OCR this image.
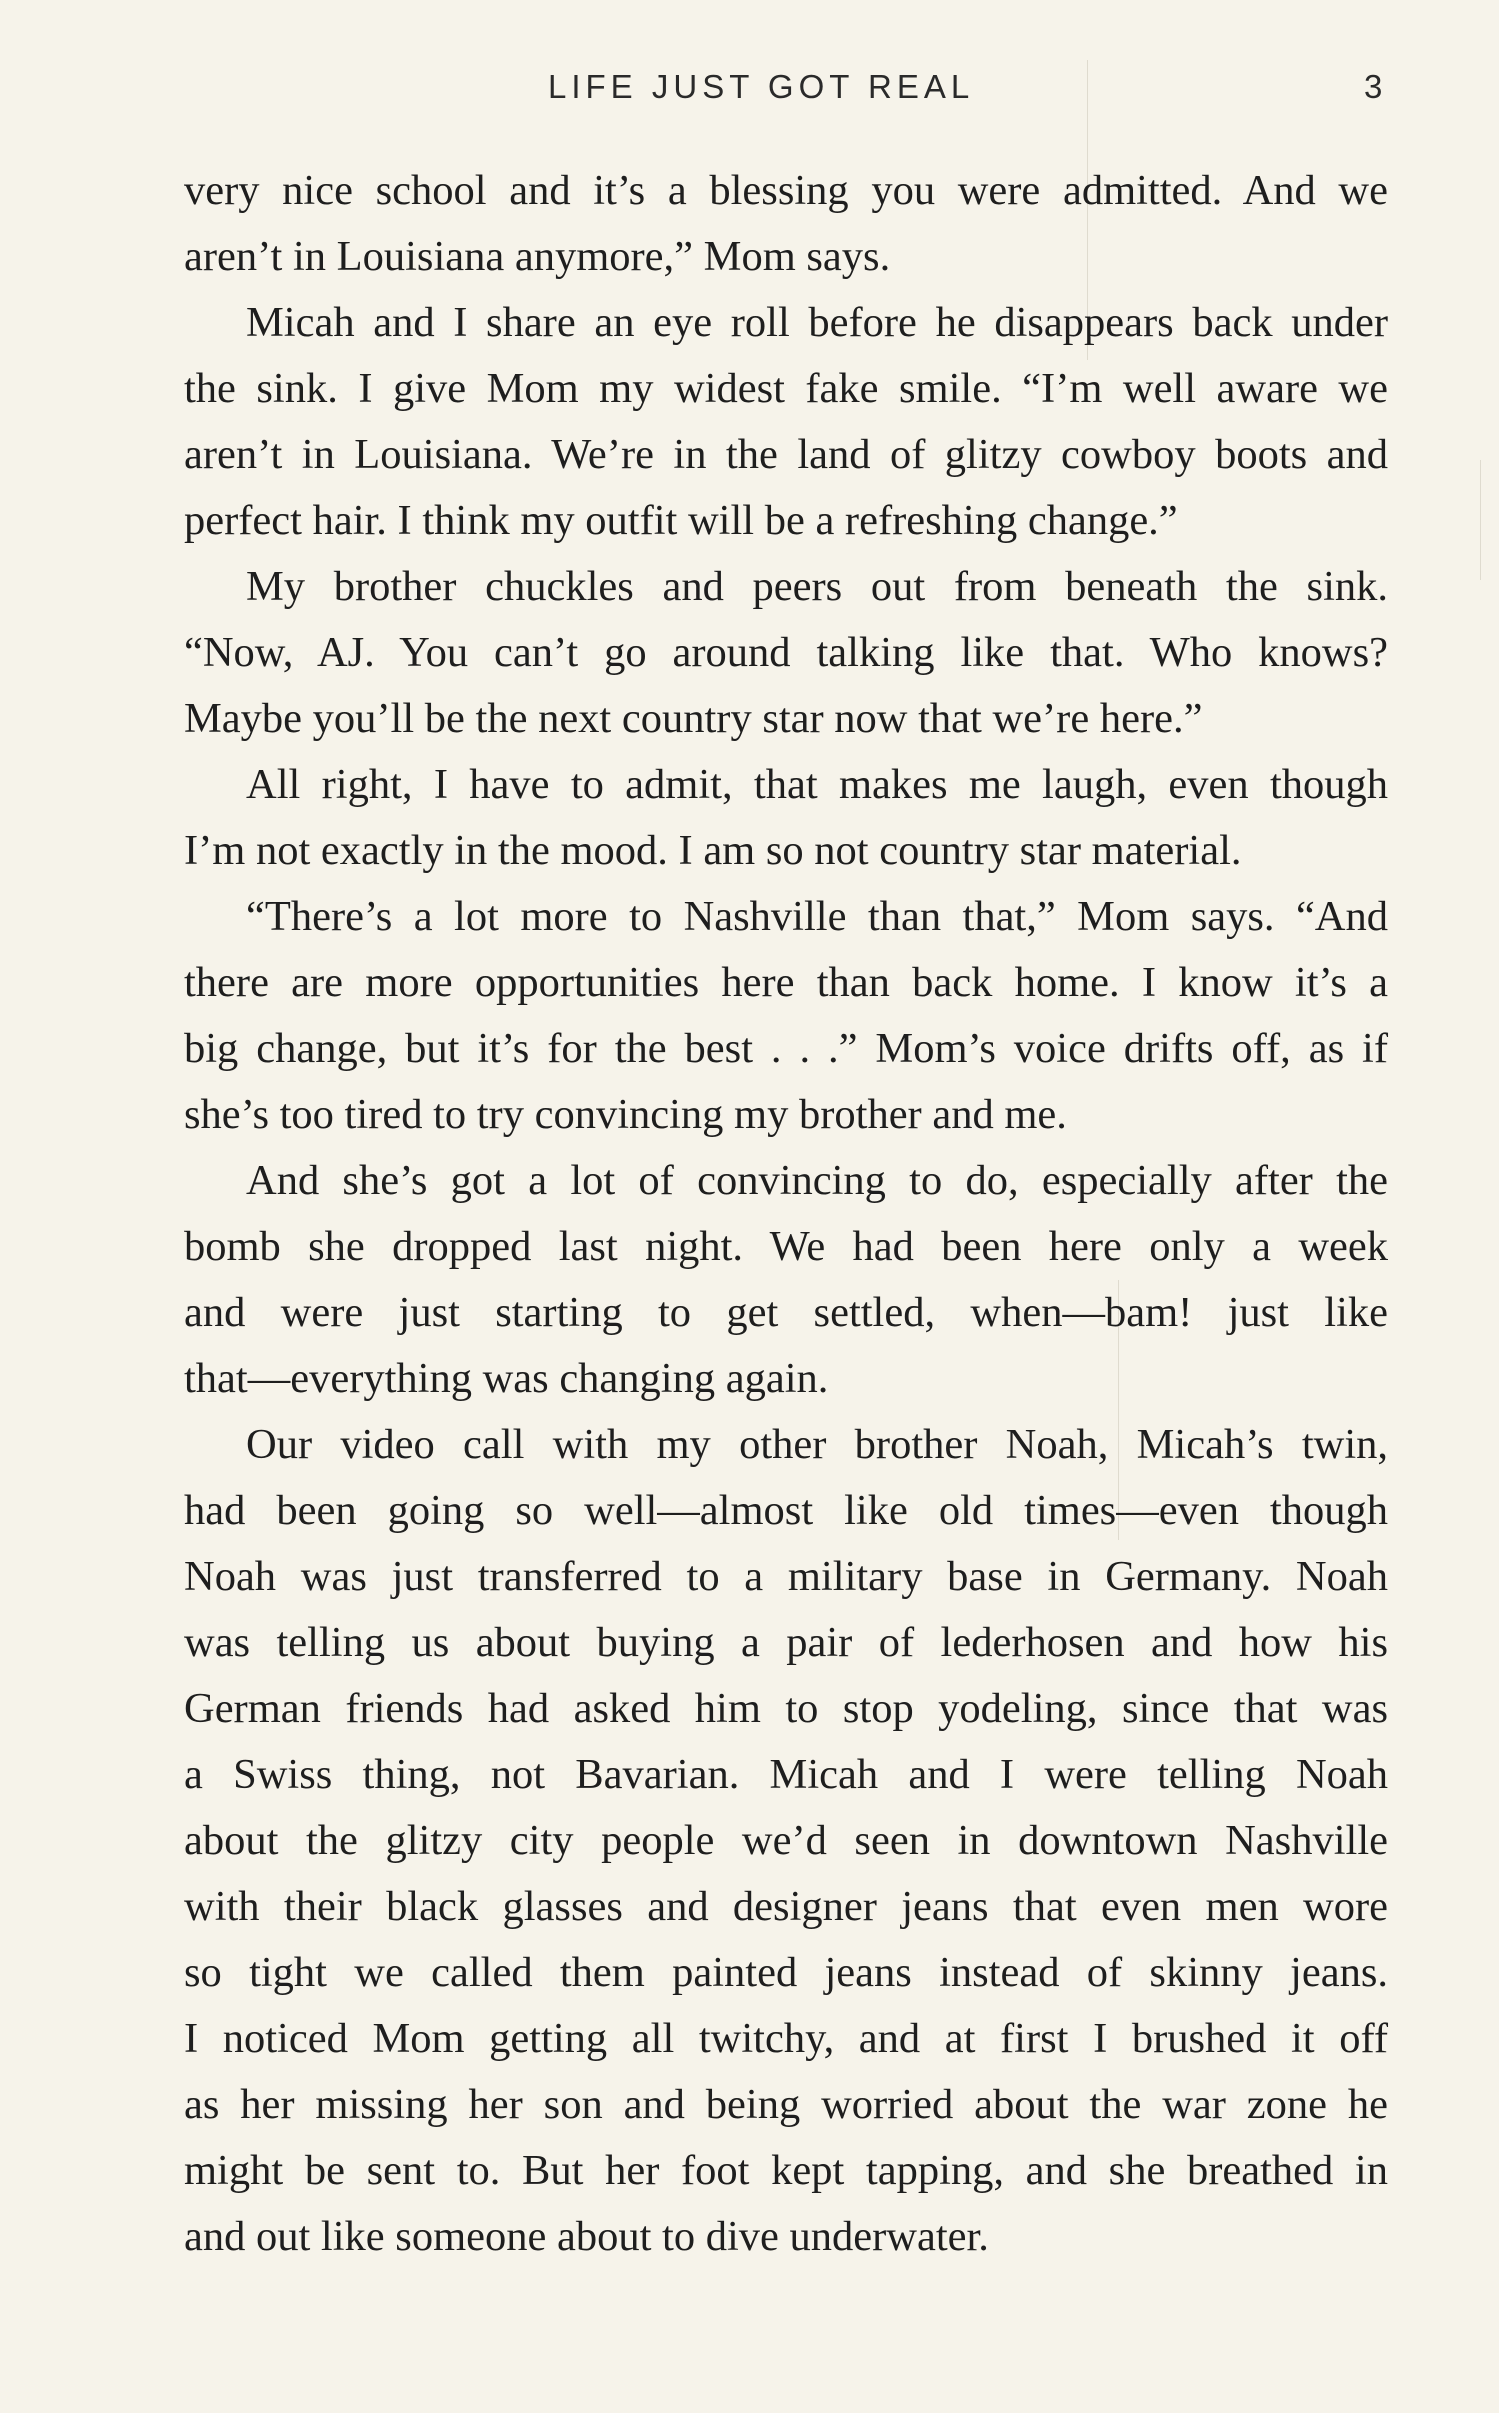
LIFE JUST GOT REAL	3
very nice school and it’s a blessing you were admitted. And we
aren’t in Louisiana anymore,” Mom says.
Micah and I share an eye roll before he disappears back under
the sink. I give Mom my widest fake smile. “I’m well aware we
aren’t in Louisiana. We’re in the land of glitzy cowboy boots and
perfect hair. I think my outfit will be a refreshing change.”
My brother chuckles and peers out from beneath the sink.
“Now, AJ. You can’t go around talking like that. Who knows?
Maybe you’ll be the next country star now that we’re here.”
All right, I have to admit, that makes me laugh, even though
I’m not exactly in the mood. I am so not country star material.
“There’s a lot more to Nashville than that,” Mom says. “And
there are more opportunities here than back home. I know it’s a
big change, but it’s for the best . . .” Mom’s voice drifts off, as if
she’s too tired to try convincing my brother and me.
And she’s got a lot of convincing to do, especially after the
bomb she dropped last night. We had been here only a week
and were just starting to get settled, when—bam! just like
that—everything was changing again.
Our video call with my other brother Noah, Micah’s twin,
had been going so well—almost like old times—even though
Noah was just transferred to a military base in Germany. Noah
was telling us about buying a pair of lederhosen and how his
German friends had asked him to stop yodeling, since that was
a Swiss thing, not Bavarian. Micah and I were telling Noah
about the glitzy city people we’d seen in downtown Nashville
with their black glasses and designer jeans that even men wore
so tight we called them painted jeans instead of skinny jeans.
I noticed Mom getting all twitchy, and at first I brushed it off
as her missing her son and being worried about the war zone he
might be sent to. But her foot kept tapping, and she breathed in
and out like someone about to dive underwater.
